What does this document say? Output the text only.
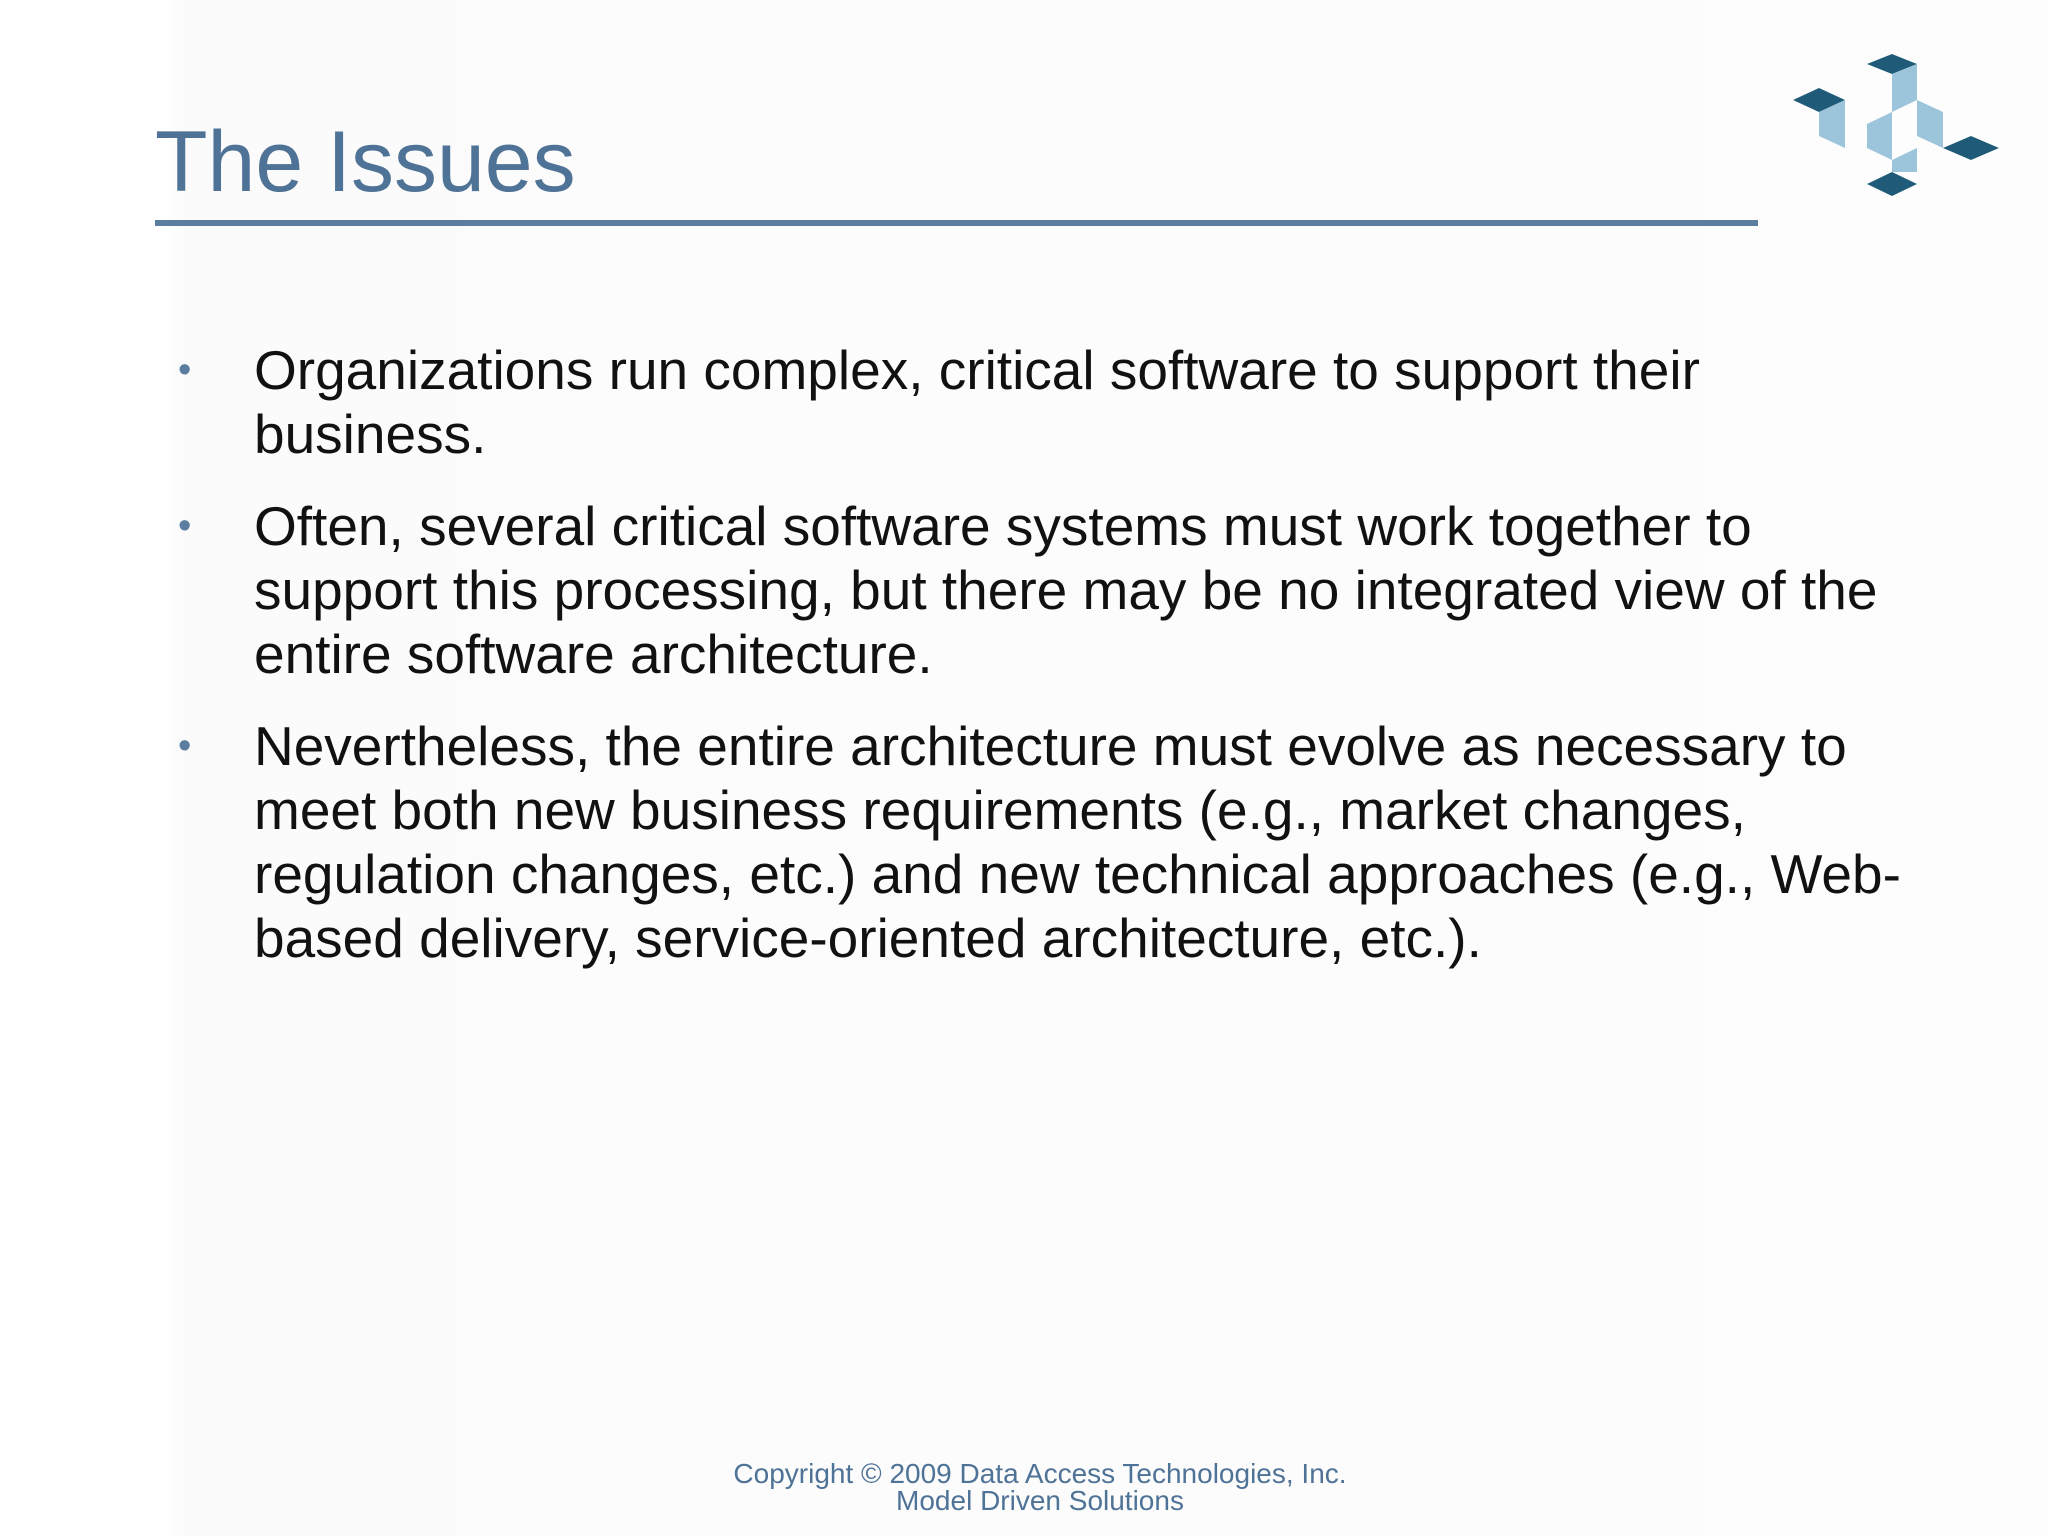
The Issues
•	Organizations run complex, critical software to support their business.
•	Often, several critical software systems must work together to support this processing, but there may be no integrated view of the entire software architecture.
•	Nevertheless, the entire architecture must evolve as necessary to meet both new business requirements (e.g., market changes, regulation changes, etc.) and new technical approaches (e.g., Web-based delivery, service-oriented architecture, etc.).
Copyright © 2009 Data Access Technologies, Inc.
Model Driven Solutions
